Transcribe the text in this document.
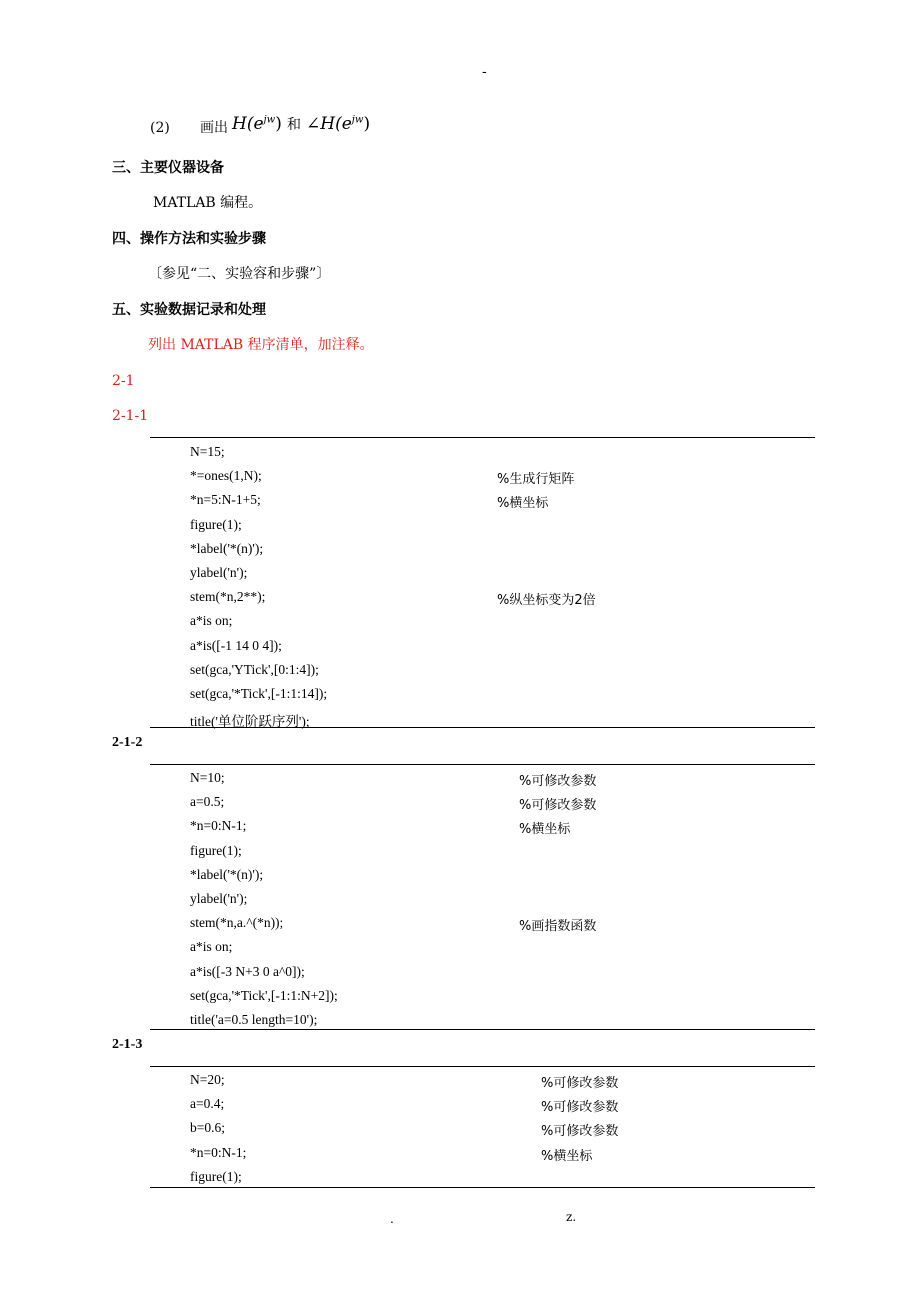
-
(2) 画出 $H(e^{jw})$ 和 $\angle H(e^{jw})$
三、主要仪器设备
MATLAB 编程。
四、操作方法和实验步骤
〔参见“二、实验容和步骤”〕
五、实验数据记录和处理
列出 MATLAB 程序清单，加注释。
2-1
2-1-1
N=15;
*=ones(1,N);
*n=5:N-1+5;
figure(1);
*label('*(n)');
ylabel('n');
stem(*n,2**);
a*is on;
a*is([-1 14 0 4]);
set(gca,'YTick',[0:1:4]);
set(gca,'*Tick',[-1:1:14]);
title('单位阶跃序列');
%生成行矩阵
%横坐标
%纵坐标变为2倍
2-1-2
N=10;
a=0.5;
*n=0:N-1;
figure(1);
*label('*(n)');
ylabel('n');
stem(*n,a.^(*n));
a*is on;
a*is([-3 N+3 0 a^0]);
set(gca,'*Tick',[-1:1:N+2]);
title('a=0.5 length=10');
%可修改参数
%可修改参数
%横坐标
%画指数函数
2-1-3
N=20;
a=0.4;
b=0.6;
*n=0:N-1;
figure(1);
%可修改参数
%可修改参数
%可修改参数
%横坐标
.	z.
